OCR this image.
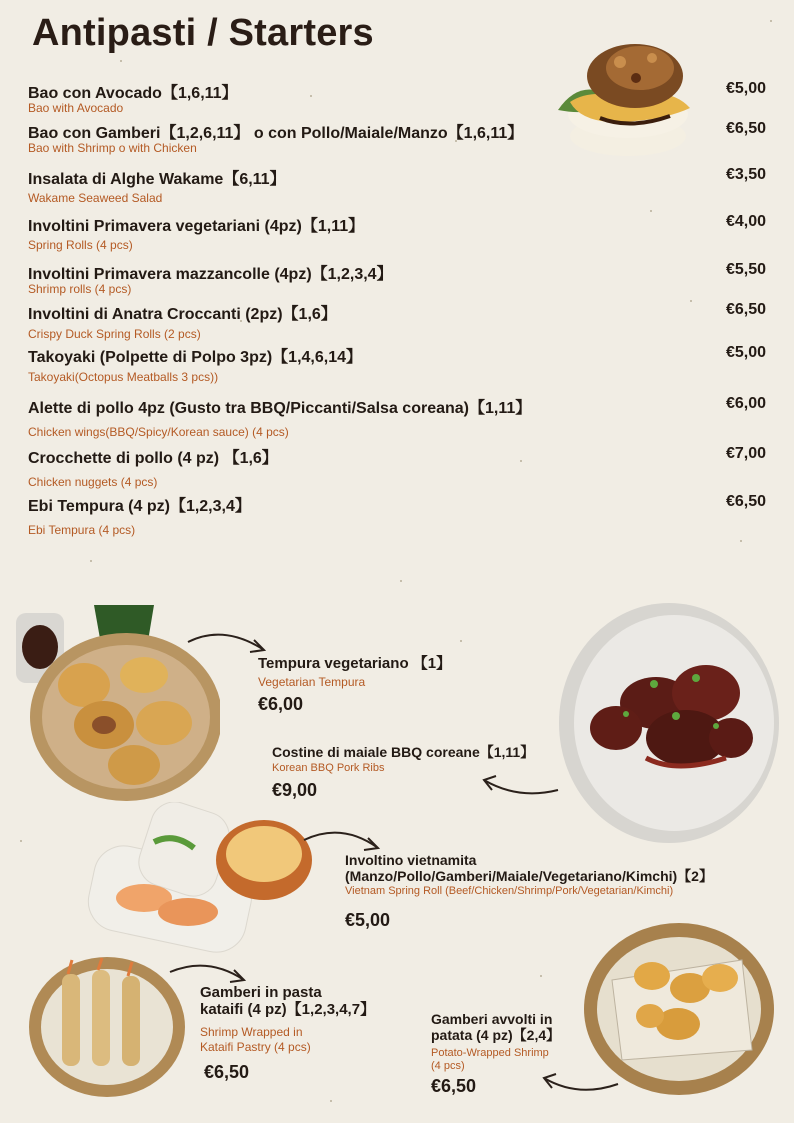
Antipasti / Starters
Bao con Avocado【1,6,11】
Bao with Avocado
€5,00
Bao con Gamberi【1,2,6,11】 o con Pollo/Maiale/Manzo【1,6,11】
Bao with Shrimp o with Chicken
€6,50
Insalata di Alghe Wakame【6,11】
Wakame Seaweed Salad
€3,50
Involtini Primavera vegetariani (4pz)【1,11】
Spring Rolls (4 pcs)
€4,00
Involtini Primavera mazzancolle (4pz)【1,2,3,4】
Shrimp rolls (4 pcs)
€5,50
Involtini di Anatra Croccanti (2pz)【1,6】
Crispy Duck Spring Rolls (2 pcs)
€6,50
Takoyaki (Polpette di Polpo 3pz)【1,4,6,14】
Takoyaki(Octopus Meatballs 3 pcs))
€5,00
Alette di pollo 4pz (Gusto tra BBQ/Piccanti/Salsa coreana)【1,11】
Chicken wings(BBQ/Spicy/Korean sauce) (4 pcs)
€6,00
Crocchette di pollo (4 pz) 【1,6】
Chicken nuggets (4 pcs)
€7,00
Ebi Tempura (4 pz)【1,2,3,4】
Ebi Tempura (4 pcs)
€6,50
Tempura vegetariano 【1】
Vegetarian Tempura
€6,00
Costine di maiale BBQ coreane【1,11】
Korean BBQ Pork Ribs
€9,00
Involtino vietnamita
(Manzo/Pollo/Gamberi/Maiale/Vegetariano/Kimchi)【2】
Vietnam Spring Roll (Beef/Chicken/Shrimp/Pork/Vegetarian/Kimchi)
€5,00
Gamberi in pasta
kataifi (4 pz)【1,2,3,4,7】
Shrimp Wrapped in
Kataifi Pastry (4 pcs)
€6,50
Gamberi avvolti in
patata (4 pz)【2,4】
Potato-Wrapped Shrimp
(4 pcs)
€6,50
